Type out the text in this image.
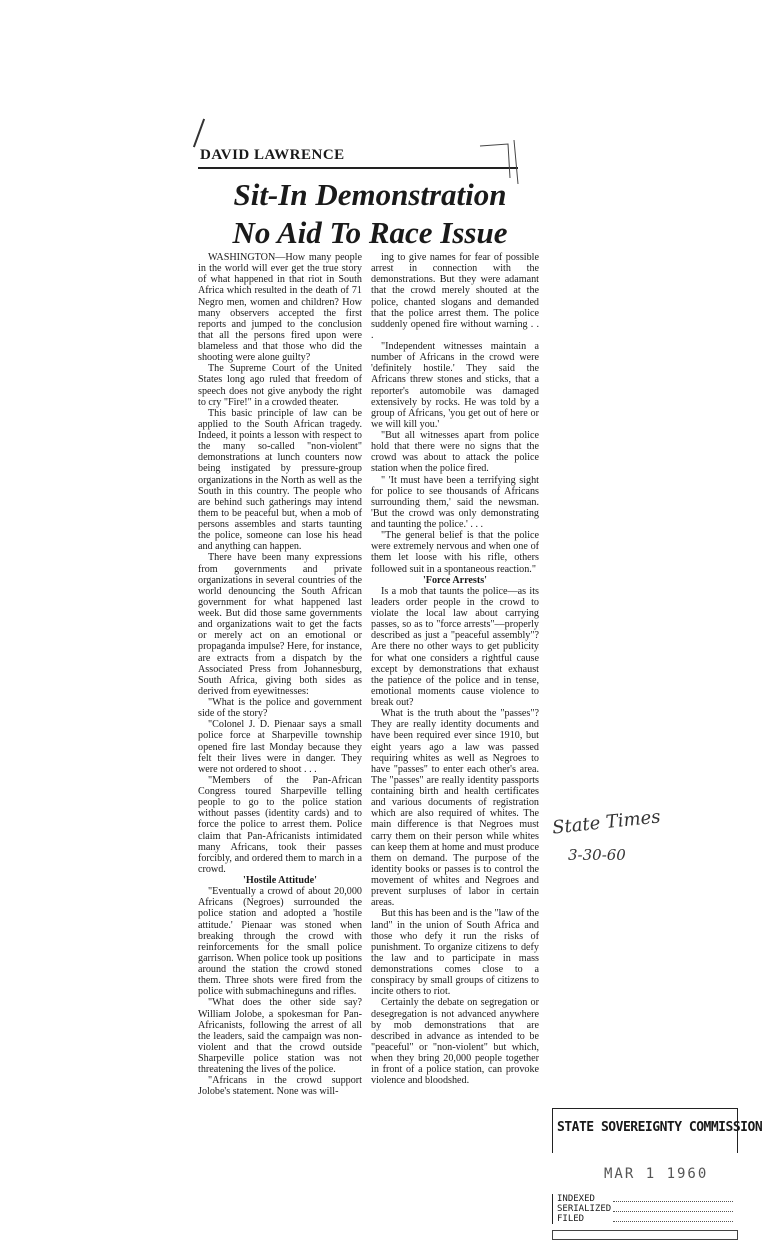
DAVID LAWRENCE
Sit-In Demonstration
No Aid To Race Issue

WASHINGTON—How many people in the world will ever get the true story of what happened in that riot in South Africa which resulted in the death of 71 Negro men, women and children? How many observers accepted the first reports and jumped to the conclusion that all the persons fired upon were blameless and that those who did the shooting were alone guilty?

The Supreme Court of the United States long ago ruled that freedom of speech does not give anybody the right to cry "Fire!" in a crowded theater.

This basic principle of law can be applied to the South African tragedy. Indeed, it points a lesson with respect to the many so-called "non-violent" demonstrations at lunch counters now being instigated by pressure-group organizations in the North as well as the South in this country. The people who are behind such gatherings may intend them to be peaceful but, when a mob of persons assembles and starts taunting the police, someone can lose his head and anything can happen.

There have been many expressions from governments and private organizations in several countries of the world denouncing the South African government for what happened last week. But did those same governments and organizations wait to get the facts or merely act on an emotional or propaganda impulse? Here, for instance, are extracts from a dispatch by the Associated Press from Johannesburg, South Africa, giving both sides as derived from eyewitnesses:

"What is the police and government side of the story?

"Colonel J. D. Pienaar says a small police force at Sharpeville township opened fire last Monday because they felt their lives were in danger. They were not ordered to shoot . . .

"Members of the Pan-African Congress toured Sharpeville telling people to go to the police station without passes (identity cards) and to force the police to arrest them. Police claim that Pan-Africanists intimidated many Africans, took their passes forcibly, and ordered them to march in a crowd.

'Hostile Attitude'

"Eventually a crowd of about 20,000 Africans (Negroes) surrounded the police station and adopted a 'hostile attitude.' Pienaar was stoned when breaking through the crowd with reinforcements for the small police garrison. When police took up positions around the station the crowd stoned them. Three shots were fired from the police with submachineguns and rifles.

"What does the other side say? William Jolobe, a spokesman for Pan-Africanists, following the arrest of all the leaders, said the campaign was non-violent and that the crowd outside Sharpeville police station was not threatening the lives of the police.

"Africans in the crowd support Jolobe's statement. None was will-

ing to give names for fear of possible arrest in connection with the demonstrations. But they were adamant that the crowd merely shouted at the police, chanted slogans and demanded that the police arrest them. The police suddenly opened fire without warning . . .

"Independent witnesses maintain a number of Africans in the crowd were 'definitely hostile.' They said the Africans threw stones and sticks, that a reporter's automobile was damaged extensively by rocks. He was told by a group of Africans, 'you get out of here or we will kill you.'

"But all witnesses apart from police hold that there were no signs that the crowd was about to attack the police station when the police fired.

" 'It must have been a terrifying sight for police to see thousands of Africans surrounding them,' said the newsman. 'But the crowd was only demonstrating and taunting the police.' . . .

"The general belief is that the police were extremely nervous and when one of them let loose with his rifle, others followed suit in a spontaneous reaction."

'Force Arrests'

Is a mob that taunts the police—as its leaders order people in the crowd to violate the local law about carrying passes, so as to "force arrests"—properly described as just a "peaceful assembly"? Are there no other ways to get publicity for what one considers a rightful cause except by demonstrations that exhaust the patience of the police and in tense, emotional moments cause violence to break out?

What is the truth about the "passes"? They are really identity documents and have been required ever since 1910, but eight years ago a law was passed requiring whites as well as Negroes to have "passes" to enter each other's area. The "passes" are really identity passports containing birth and health certificates and various documents of registration which are also required of whites. The main difference is that Negroes must carry them on their person while whites can keep them at home and must produce them on demand. The purpose of the identity books or passes is to control the movement of whites and Negroes and prevent surpluses of labor in certain areas.

But this has been and is the "law of the land" in the union of South Africa and those who defy it run the risks of punishment. To organize citizens to defy the law and to participate in mass demonstrations comes close to a conspiracy by small groups of citizens to incite others to riot.

Certainly the debate on segregation or desegregation is not advanced anywhere by mob demonstrations that are described in advance as intended to be "peaceful" or "non-violent" but which, when they bring 20,000 people together in front of a police station, can provoke violence and bloodshed.

State Times
3-30-60
STATE SOVEREIGNTY COMMISSION
MAR 1 1960
INDEXED
SERIALIZED
FILED
